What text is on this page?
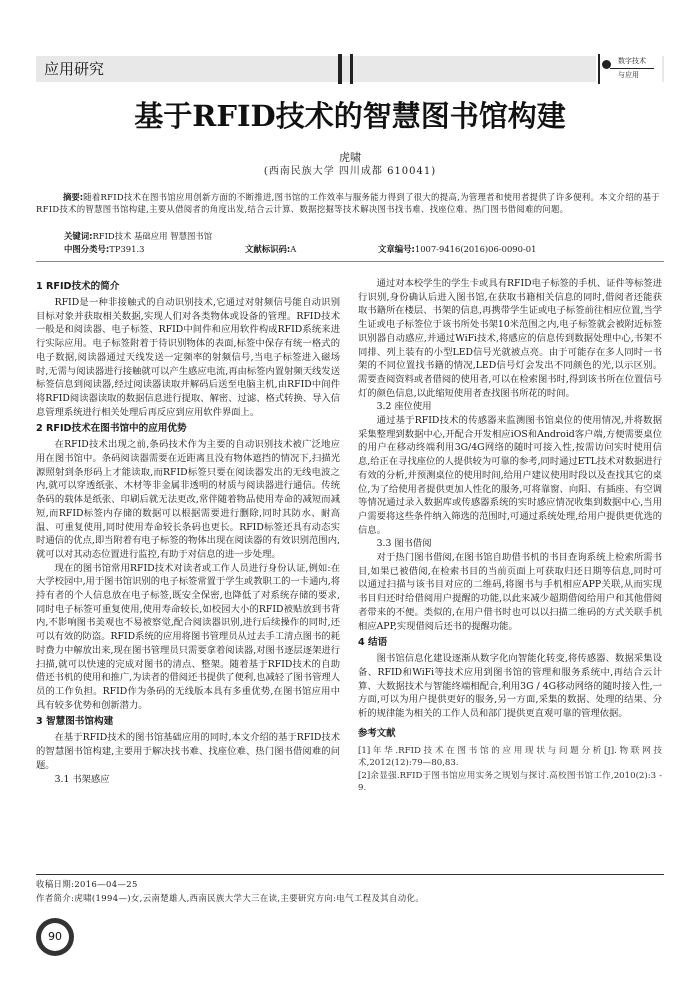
应用研究	数字技术
与应用
基于RFID技术的智慧图书馆构建
虎啸
(西南民族大学 四川成都 610041)
摘要:随着RFID技术在图书馆应用创新方面的不断推进,图书馆的工作效率与服务能力得到了很大的提高,为管理者和使用者提供了许多便利。本文介绍的基于RFID技术的智慧图书馆构建,主要从借阅者的角度出发,结合云计算、数据挖掘等技术解决图书找书难、找座位难、热门图书借阅难的问题。
关键词:RFID技术 基础应用 智慧图书馆
中图分类号:TP391.3	文献标识码:A	文章编号:1007-9416(2016)06-0090-01
1 RFID技术的简介

RFID是一种非接触式的自动识别技术,它通过对射频信号能自动识别目标对象并获取相关数据,实现人们对各类物体或设备的管理。RFID技术一般是和阅读器、电子标签、RFID中间件和应用软件构成RFID系统来进行实际应用。电子标签附着于待识别物体的表面,标签中保存有统一格式的电子数据,阅读器通过天线发送一定频率的射频信号,当电子标签进入磁场时,无需与阅读器进行接触就可以产生感应电流,再由标签内置射频天线发送标签信息到阅读器,经过阅读器读取并解码后送至电脑主机,由RFID中间件将RFID阅读器读取的数据信息进行提取、解密、过滤、格式转换、导入信息管理系统进行相关处理后再反应到应用软件界面上。

2 RFID技术在图书馆中的应用优势

在RFID技术出现之前,条码技术作为主要的自动识别技术被广泛地应用在图书馆中。条码阅读器需要在近距离且没有物体遮挡的情况下,扫描光源照射到条形码上才能读取,而RFID标签只要在阅读器发出的无线电波之内,就可以穿透纸张、木材等非金属非透明的材质与阅读器进行通信。传统条码的载体是纸张、印刷后就无法更改,常伴随着物品使用寿命的减短而减短,而RFID标签内存储的数据可以根据需要进行删除,同时其防水、耐高温、可重复使用,同时使用寿命较长条码也更长。RFID标签还具有动态实时通信的优点,即当附着有电子标签的物体出现在阅读器的有效识别范围内,就可以对其动态位置进行监控,有助于对信息的进一步处理。

现在的图书馆常用RFID技术对读者或工作人员进行身份认证,例如:在大学校园中,用于图书馆识别的电子标签常置于学生或教职工的一卡通内,将持有者的个人信息放在电子标签,既安全保密,也降低了对系统存储的要求,同时电子标签可重复使用,使用寿命较长,如校园大小的RFID被贴放到书背内,不影响图书美观也不易被察觉,配合阅读器识别,进行后续操作的同时,还可以有效的防盗。RFID系统的应用将图书管理员从过去手工清点图书的耗时费力中解放出来,现在图书管理员只需要拿着阅读器,对图书逐层逐架进行扫描,就可以快速的完成对图书的清点、整架。随着基于RFID技术的自助借还书机的使用和推广,为读者的借阅还书提供了便利,也减轻了图书管理人员的工作负担。RFID作为条码的无线版本具有多重优势,在图书馆应用中具有较多优势和创新潜力。

3 智慧图书馆构建

在基于RFID技术的图书馆基础应用的同时,本文介绍的基于RFID技术的智慧图书馆构建,主要用于解决找书难、找座位难、热门图书借阅难的问题。

3.1 书架感应

通过对本校学生的学生卡或具有RFID电子标签的手机、证件等标签进行识别,身份确认后进入图书馆,在获取书籍相关信息的同时,借阅者还能获取书籍所在楼层、书架的信息,再携带学生证或电子标签前往相应位置,当学生证或电子标签位于该书所处书架10米范围之内,电子标签就会被附近标签识别器自动感应,并通过WiFi技术,将感应的信息传到数据处理中心,书架不同排、列上装有的小型LED信号光就被点亮。由于可能存在多人同时一书架的不同位置找书籍的情况,LED信号灯会发出不同颜色的光,以示区别。需要查阅资料或者借阅的使用者,可以在检索图书时,得到该书所在位置信号灯的颜色信息,以此缩短使用者查找图书所花的时间。

3.2 座位使用

通过基于RFID技术的传感器来监测图书馆桌位的使用情况,并将数据采集整理到数据中心,开配合开发相应iOS和Android客户端,方便需要桌位的用户在移动终端利用3G/4G网络的随时可接入性,按需访问实时使用信息,给正在寻找座位的人提供较为可靠的参考,同时通过ETL技术对数据进行有效的分析,并预测桌位的使用时间,给用户建议使用时段以及查找其它的桌位,为了给使用者提供更加人性化的服务,可将靠窗、向阳、有插座、有空调等情况通过录入数据库或传感器系统的实时感应情况收集到数据中心,当用户需要将这些条件纳入筛选的范围时,可通过系统处理,给用户提供更优选的信息。

3.3 图书借阅

对于热门图书借阅,在图书馆自助借书机的书目查询系统上检索所需书目,如果已被借阅,在检索书目的当前页面上可获取归还日期等信息,同时可以通过扫描与该书目对应的二维码,将图书与手机相应APP关联,从而实现书目归还时给借阅用户提醒的功能,以此来减少超期借阅给用户和其他借阅者带来的不便。类似的,在用户借书时也可以以扫描二维码的方式关联手机相应APP,实现借阅后还书的提醒功能。

4 结语

图书馆信息化建设逐渐从数字化向智能化转变,将传感器、数据采集设备、RFID和WiFi等技术应用到图书馆的管理和服务系统中,再结合云计算、大数据技术与智能终端相配合,利用3G / 4G移动网络的随时接入性,一方面,可以为用户提供更好的服务,另一方面,采集的数据、处理的结果、分析的规律能为相关的工作人员和部门提供更直观可靠的管理依据。

参考文献

[1]年华.RFID技术在图书馆的应用现状与问题分析[J].物联网技术,2012(12):79—80,83.

[2]余显强.RFID于图书馆应用实务之规划与探讨.高校图书馆工作,2010(2):3 - 9.

收稿日期:2016—04—25
作者简介:虎啸(1994—)女,云南楚雄人,西南民族大学大三在读,主要研究方向:电气工程及其自动化。
90
